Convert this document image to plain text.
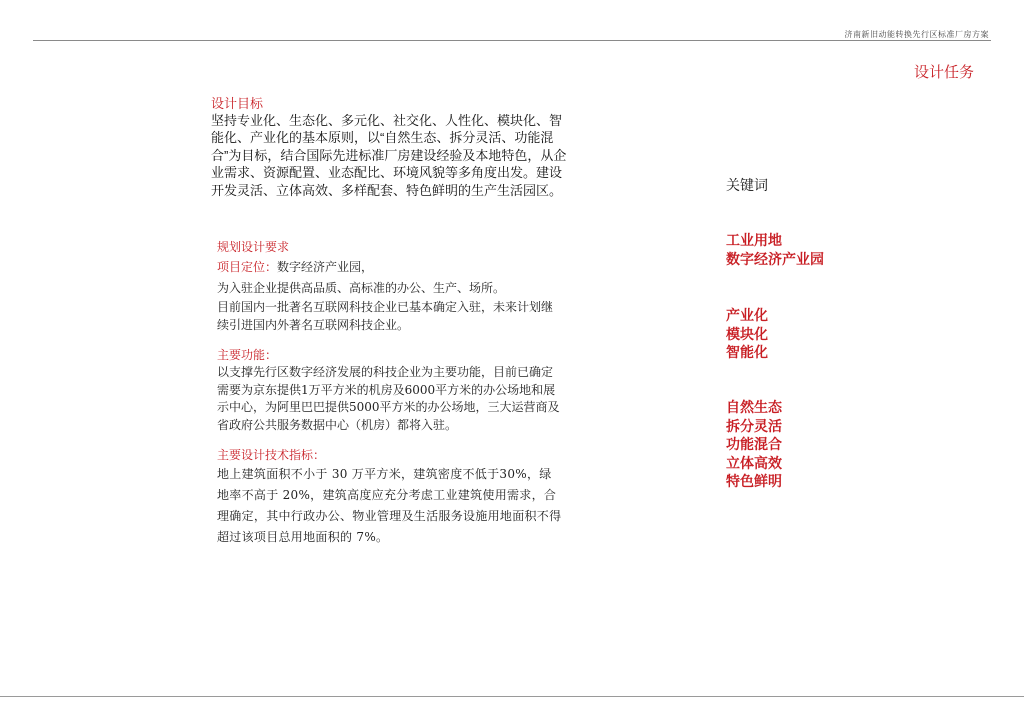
济南新旧动能转换先行区标准厂房方案
设计任务
设计目标

坚持专业化、生态化、多元化、社交化、人性化、模块化、智能化、产业化的基本原则，以“自然生态、拆分灵活、功能混合”为目标，结合国际先进标准厂房建设经验及本地特色，从企业需求、资源配置、业态配比、环境风貌等多角度出发。建设开发灵活、立体高效、多样配套、特色鲜明的生产生活园区。

规划设计要求
项目定位：数字经济产业园，
为入驻企业提供高品质、高标准的办公、生产、场所。

目前国内一批著名互联网科技企业已基本确定入驻，未来计划继续引进国内外著名互联网科技企业。

主要功能：

以支撑先行区数字经济发展的科技企业为主要功能，目前已确定需要为京东提供1万平方米的机房及6000平方米的办公场地和展示中心，为阿里巴巴提供5000平方米的办公场地，三大运营商及省政府公共服务数据中心（机房）都将入驻。

主要设计技术指标：

地上建筑面积不小于 30 万平方米，建筑密度不低于30%，绿地率不高于 20%，建筑高度应充分考虑工业建筑使用需求，合理确定，其中行政办公、物业管理及生活服务设施用地面积不得超过该项目总用地面积的 7%。

关键词
工业用地
数字经济产业园
产业化
模块化
智能化
自然生态
拆分灵活
功能混合
立体高效
特色鲜明
